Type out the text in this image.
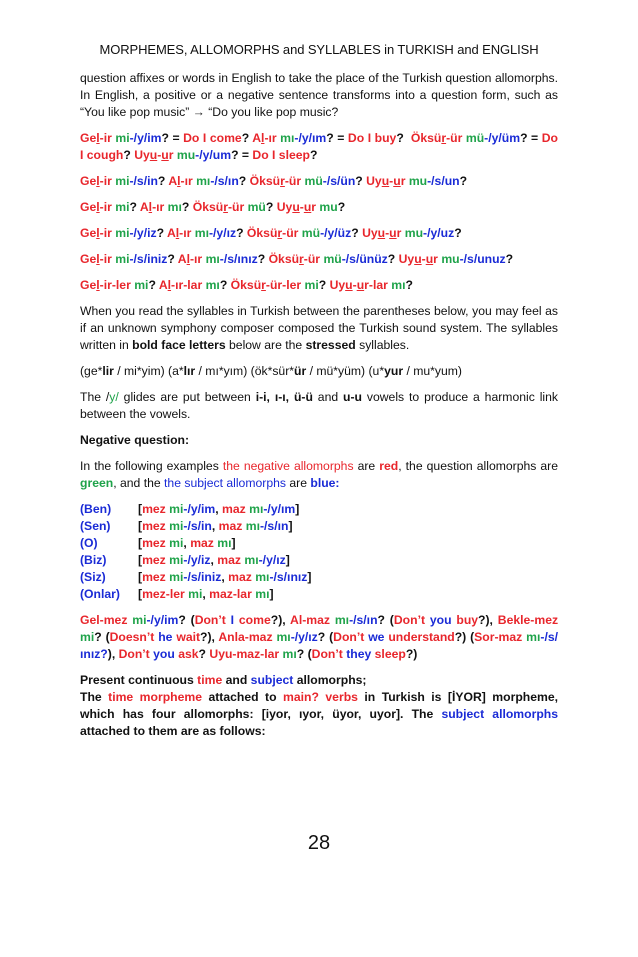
MORPHEMES, ALLOMORPHS and SYLLABLES in TURKISH and ENGLISH

question affixes or words in English to take the place of the Turkish question allomorphs. In English, a positive or a negative sentence transforms into a question form, such as “You like pop music” → “Do you like pop music?

Gel-ir mi-/y/im? = Do I come? Al-ır mı-/y/ım? = Do I buy?  Öksür-ür mü-/y/üm? = Do I cough? Uyu-ur mu-/y/um? = Do I sleep?

Gel-ir mi-/s/in? Al-ır mı-/s/ın? Öksür-ür mü-/s/ün? Uyu-ur mu-/s/un?

Gel-ir mi? Al-ır mı? Öksür-ür mü? Uyu-ur mu?

Gel-ir mi-/y/iz? Al-ır mı-/y/ız? Öksür-ür mü-/y/üz? Uyu-ur mu-/y/uz?

Gel-ir mi-/s/iniz? Al-ır mı-/s/ınız? Öksür-ür mü-/s/ünüz? Uyu-ur mu-/s/unuz?

Gel-ir-ler mi? Al-ır-lar mı? Öksür-ür-ler mi? Uyu-ur-lar mı?

When you read the syllables in Turkish between the parentheses below, you may feel as if an unknown symphony composer composed the Turkish sound system. The syllables written in bold face letters below are the stressed syllables.

(ge*lir / mi*yim) (a*lır / mı*yım) (ök*sür*ür / mü*yüm) (u*yur / mu*yum)

The /y/ glides are put between i-i, ı-ı, ü-ü and u-u vowels to produce a harmonic link between the vowels.

Negative question:

In the following examples the negative allomorphs are red, the question allomorphs are green, and the the subject allomorphs are blue:

(Ben)	[mez mi-/y/im, maz mı-/y/ım]
(Sen)	[mez mi-/s/in, maz mı-/s/ın]
(O)	[mez mi, maz mı]
(Biz)	[mez mi-/y/iz, maz mı-/y/ız]
(Siz)	[mez mi-/s/iniz, maz mı-/s/ınız]
(Onlar)	[mez-ler mi, maz-lar mı]

Gel-mez mi-/y/im? (Don’t I come?), Al-maz mı-/s/ın? (Don’t you buy?), Bekle-mez mi? (Doesn’t he wait?), Anla-maz mı-/y/ız? (Don’t we understand?) (Sor-maz mı-/s/ınız?), Don’t you ask? Uyu-maz-lar mı? (Don’t they sleep?)

Present continuous time and subject allomorphs;

The time morpheme attached to main? verbs in Turkish is [İYOR] morpheme, which has four allomorphs: [iyor, ıyor, üyor, uyor]. The subject allomorphs attached to them are as follows:

28
